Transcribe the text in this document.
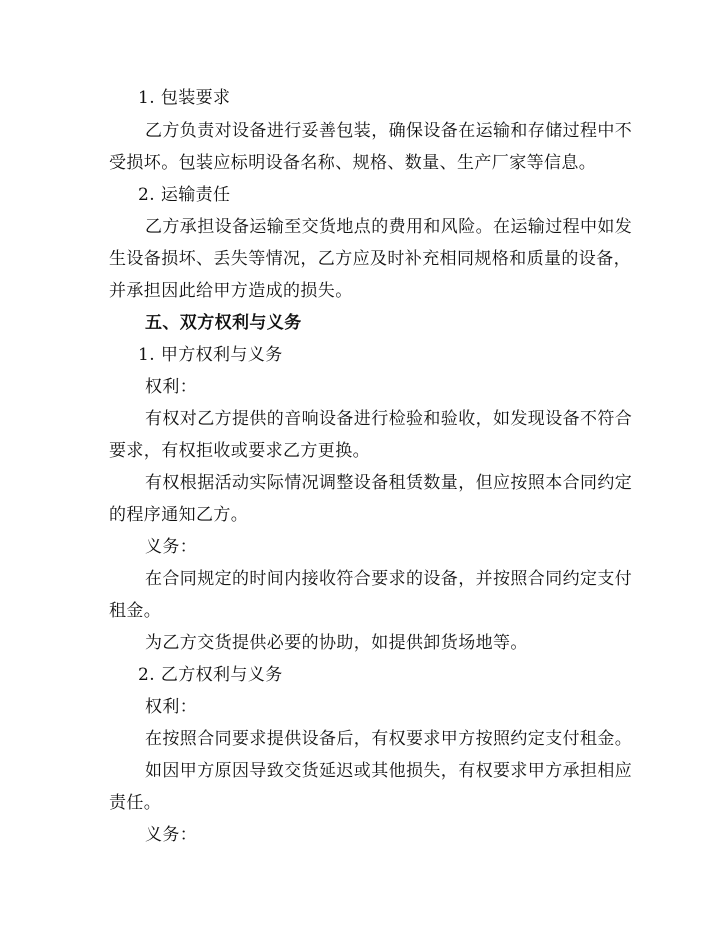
1. 包装要求
乙方负责对设备进行妥善包装，确保设备在运输和存储过程中不
受损坏。包装应标明设备名称、规格、数量、生产厂家等信息。
2. 运输责任
乙方承担设备运输至交货地点的费用和风险。在运输过程中如发
生设备损坏、丢失等情况，乙方应及时补充相同规格和质量的设备，
并承担因此给甲方造成的损失。
五、双方权利与义务
1. 甲方权利与义务
权利：
有权对乙方提供的音响设备进行检验和验收，如发现设备不符合
要求，有权拒收或要求乙方更换。
有权根据活动实际情况调整设备租赁数量，但应按照本合同约定
的程序通知乙方。
义务：
在合同规定的时间内接收符合要求的设备，并按照合同约定支付
租金。
为乙方交货提供必要的协助，如提供卸货场地等。
2. 乙方权利与义务
权利：
在按照合同要求提供设备后，有权要求甲方按照约定支付租金。
如因甲方原因导致交货延迟或其他损失，有权要求甲方承担相应
责任。
义务：
